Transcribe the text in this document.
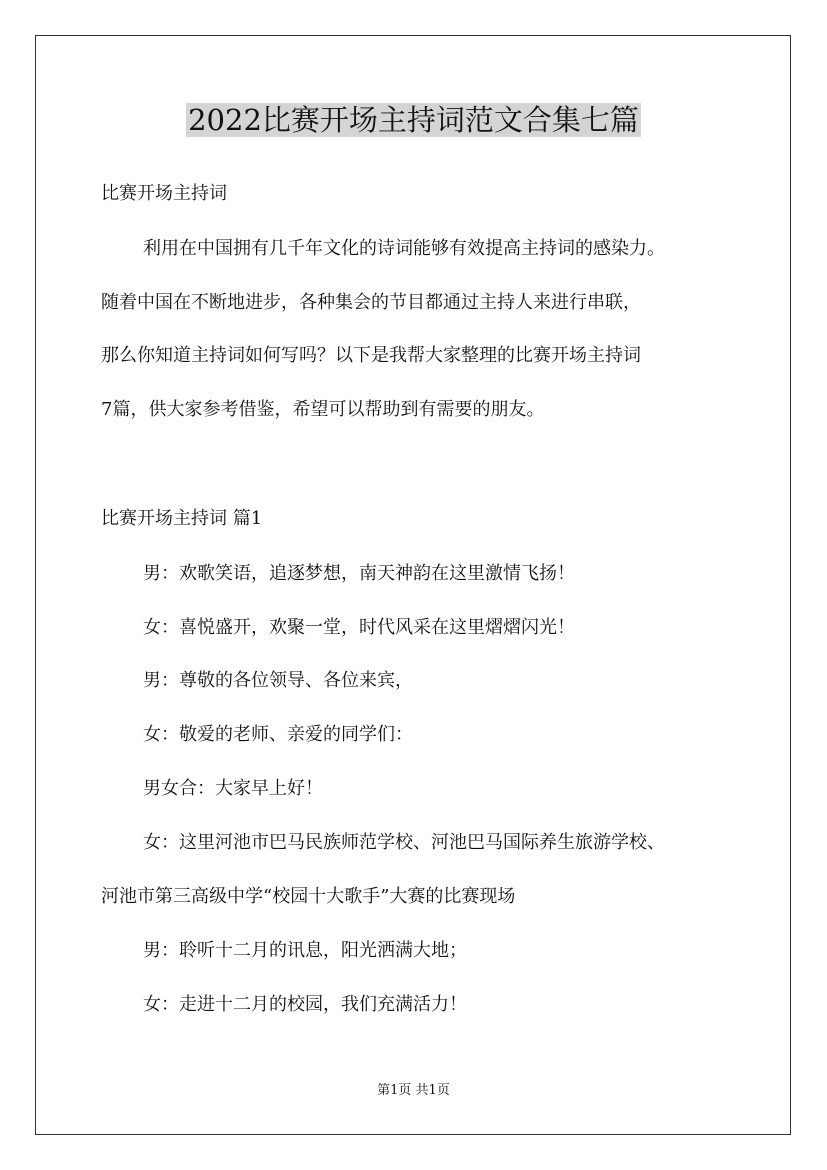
2022比赛开场主持词范文合集七篇

比赛开场主持词

利用在中国拥有几千年文化的诗词能够有效提高主持词的感染力。

随着中国在不断地进步，各种集会的节目都通过主持人来进行串联，

那么你知道主持词如何写吗？以下是我帮大家整理的比赛开场主持词

7篇，供大家参考借鉴，希望可以帮助到有需要的朋友。

比赛开场主持词 篇1

男：欢歌笑语，追逐梦想，南天神韵在这里激情飞扬！

女：喜悦盛开，欢聚一堂，时代风采在这里熠熠闪光！

男：尊敬的各位领导、各位来宾，

女：敬爱的老师、亲爱的同学们：

男女合：大家早上好！

女：这里河池市巴马民族师范学校、河池巴马国际养生旅游学校、

河池市第三高级中学“校园十大歌手”大赛的比赛现场

男：聆听十二月的讯息，阳光洒满大地；

女：走进十二月的校园，我们充满活力！

第1页 共1页
